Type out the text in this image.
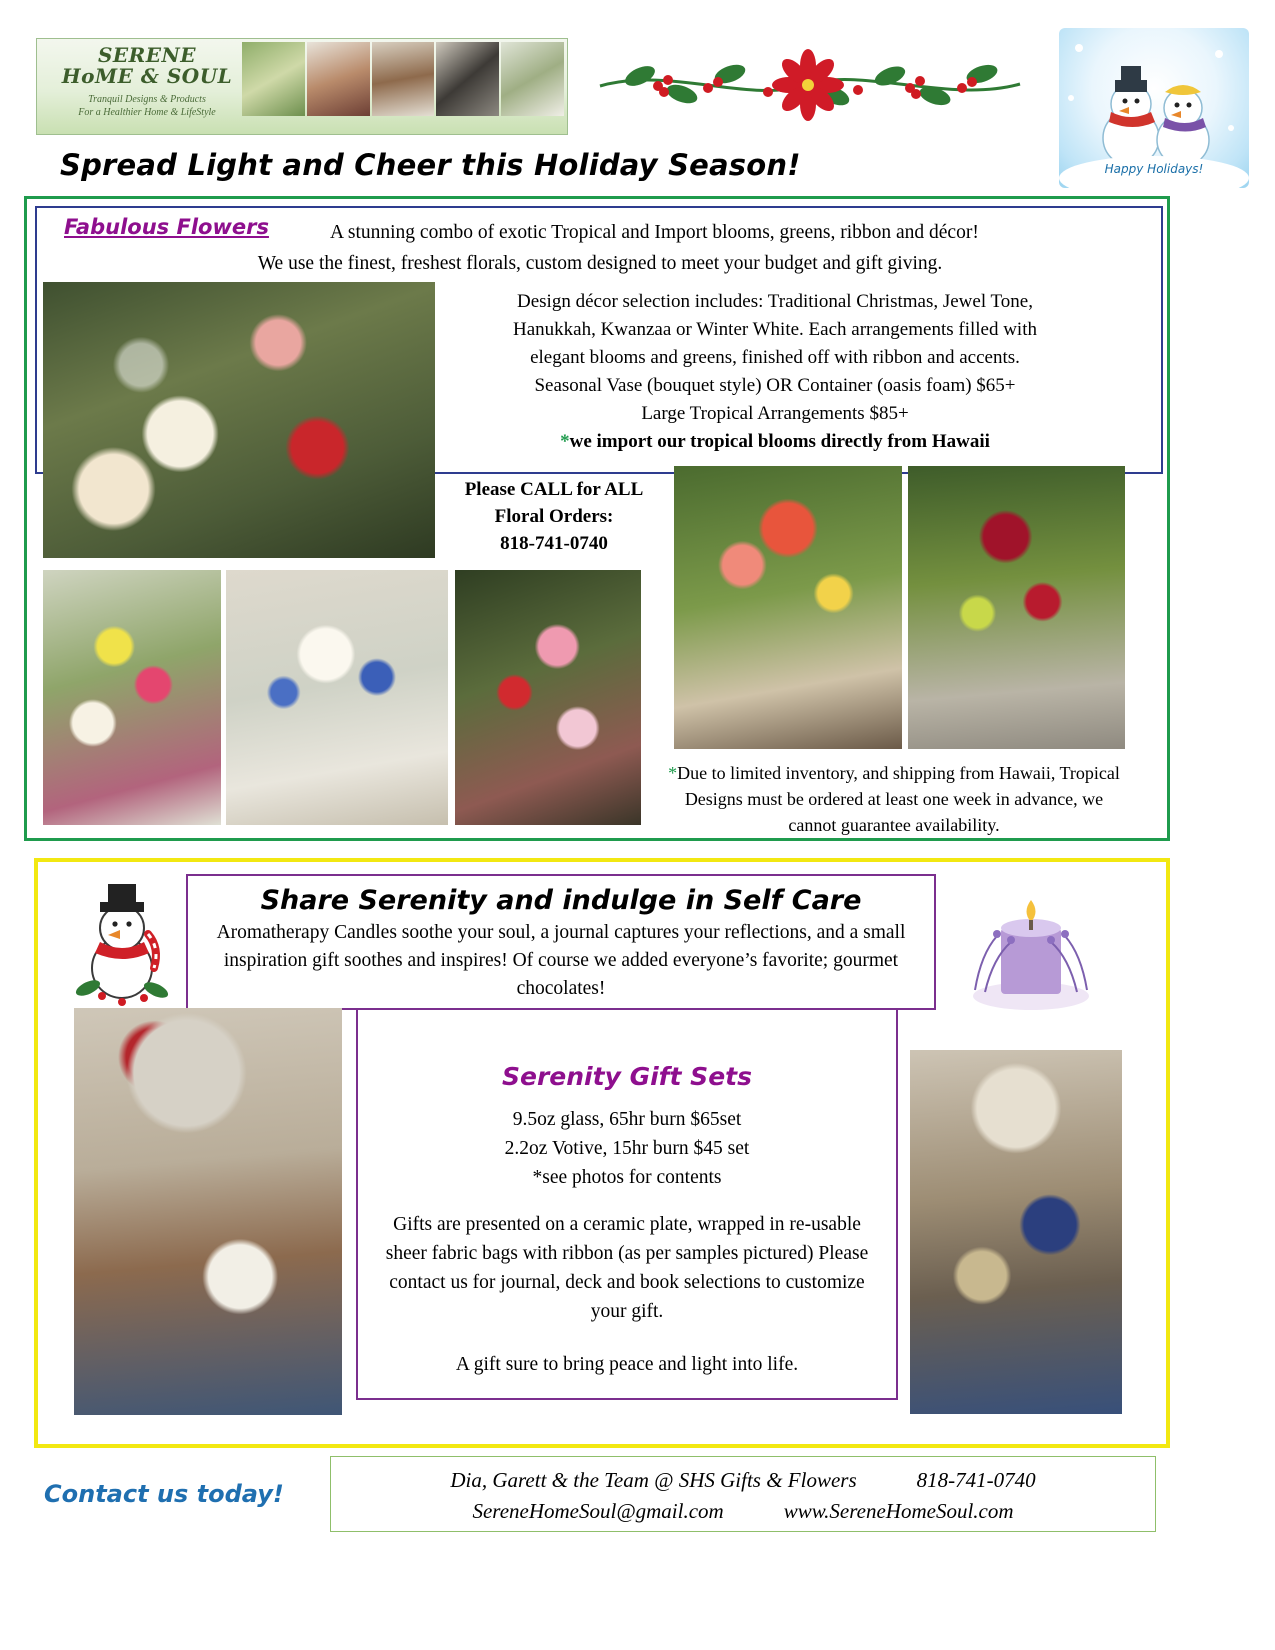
SERENE
HoME & SOUL
Tranquil Designs & Products
For a Healthier Home & LifeStyle
Happy Holidays!
Spread Light and Cheer this Holiday Season!
Fabulous Flowers	A stunning combo of exotic Tropical and Import blooms, greens, ribbon and décor!
We use the finest, freshest florals, custom designed to meet your budget and gift giving.
Design décor selection includes: Traditional Christmas, Jewel Tone,
Hanukkah, Kwanzaa or Winter White. Each arrangements filled with
elegant blooms and greens, finished off with ribbon and accents.
Seasonal Vase (bouquet style) OR Container (oasis foam) $65+
Large Tropical Arrangements $85+
*we import our tropical blooms directly from Hawaii
Please CALL for ALL
Floral Orders:
818-741-0740
*Due to limited inventory, and shipping from Hawaii, Tropical Designs must be ordered at least one week in advance, we cannot guarantee availability.
Share Serenity and indulge in Self Care
Aromatherapy Candles soothe your soul, a journal captures your reflections, and a small inspiration gift soothes and inspires! Of course we added everyone’s favorite; gourmet chocolates!
Serenity Gift Sets
9.5oz glass, 65hr burn $65set
2.2oz Votive, 15hr burn $45 set
*see photos for contents
Gifts are presented on a ceramic plate, wrapped in re-usable sheer fabric bags with ribbon (as per samples pictured) Please contact us for journal, deck and book selections to customize your gift.
A gift sure to bring peace and light into life.
Contact us today!	Dia, Garett & the Team @ SHS Gifts & Flowers	818-741-0740
SereneHomeSoul@gmail.com	www.SereneHomeSoul.com
